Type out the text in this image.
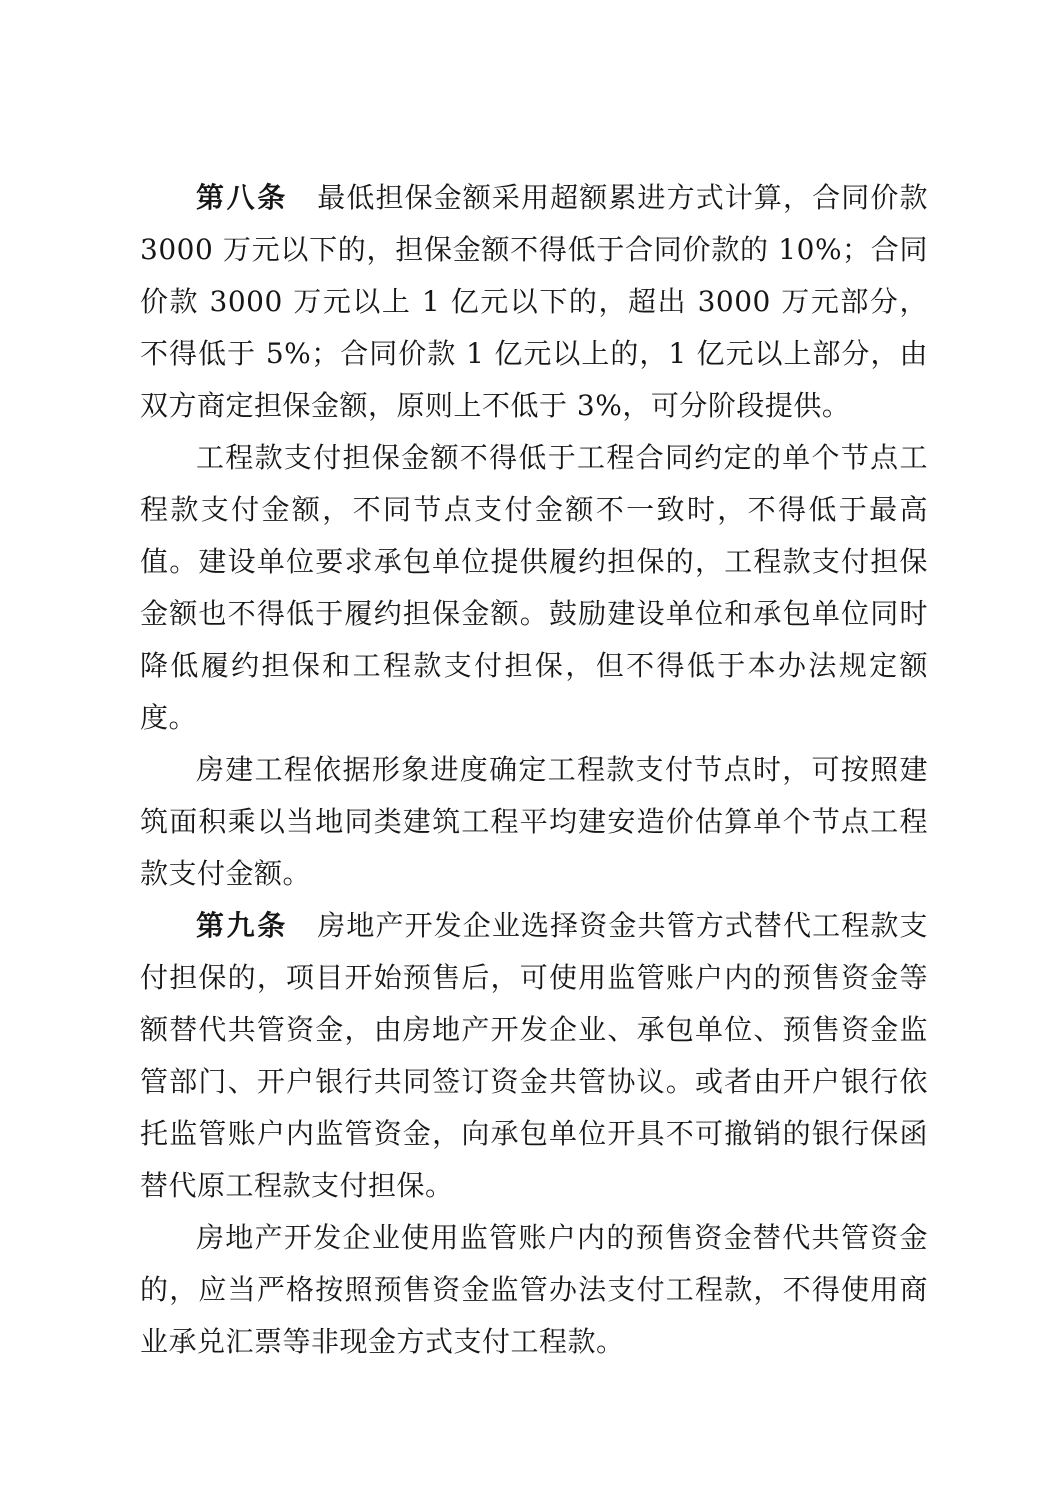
第八条 最低担保金额采用超额累进方式计算，合同价款 3000 万元以下的，担保金额不得低于合同价款的 10%；合同价款 3000 万元以上 1 亿元以下的，超出 3000 万元部分，不得低于 5%；合同价款 1 亿元以上的，1 亿元以上部分，由双方商定担保金额，原则上不低于 3%，可分阶段提供。

工程款支付担保金额不得低于工程合同约定的单个节点工程款支付金额，不同节点支付金额不一致时，不得低于最高值。建设单位要求承包单位提供履约担保的，工程款支付担保金额也不得低于履约担保金额。鼓励建设单位和承包单位同时降低履约担保和工程款支付担保，但不得低于本办法规定额度。

房建工程依据形象进度确定工程款支付节点时，可按照建筑面积乘以当地同类建筑工程平均建安造价估算单个节点工程款支付金额。

第九条 房地产开发企业选择资金共管方式替代工程款支付担保的，项目开始预售后，可使用监管账户内的预售资金等额替代共管资金，由房地产开发企业、承包单位、预售资金监管部门、开户银行共同签订资金共管协议。或者由开户银行依托监管账户内监管资金，向承包单位开具不可撤销的银行保函替代原工程款支付担保。

房地产开发企业使用监管账户内的预售资金替代共管资金的，应当严格按照预售资金监管办法支付工程款，不得使用商业承兑汇票等非现金方式支付工程款。
